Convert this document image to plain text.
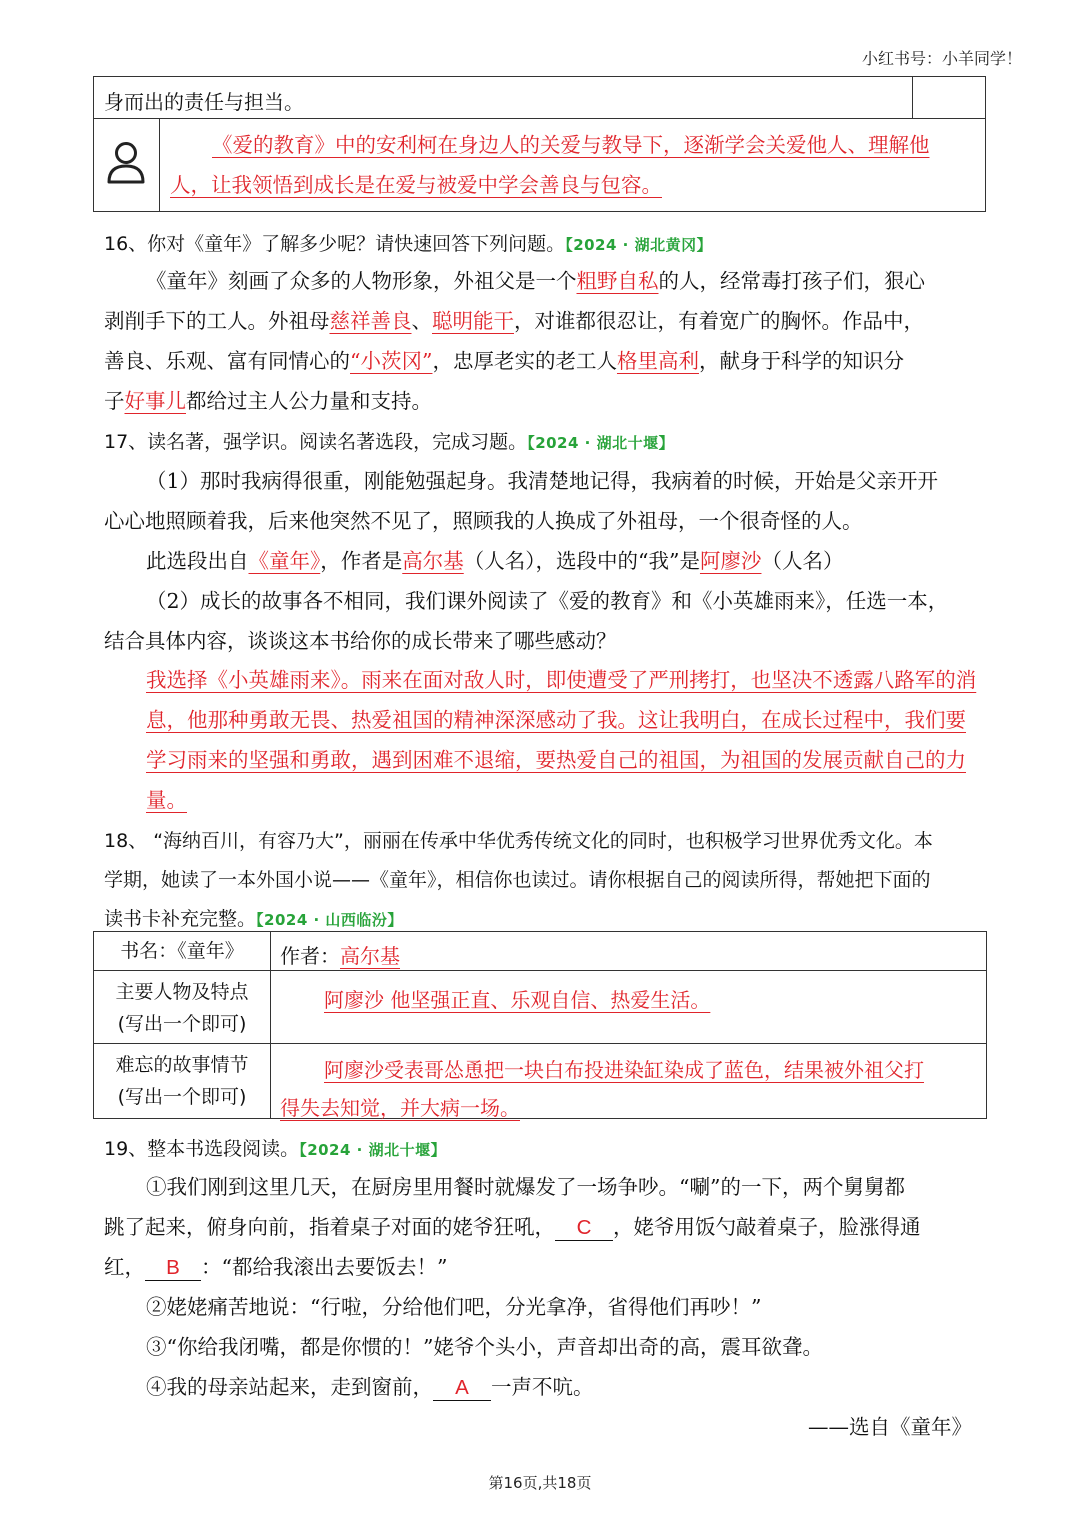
小红书号：小羊同学！
身而出的责任与担当。
《爱的教育》中的安利柯在身边人的关爱与教导下，逐渐学会关爱他人、理解他
人，让我领悟到成长是在爱与被爱中学会善良与包容。
16、你对《童年》了解多少呢？请快速回答下列问题。【2024 · 湖北黄冈】
《童年》刻画了众多的人物形象，外祖父是一个粗野自私的人，经常毒打孩子们，狠心
剥削手下的工人。外祖母慈祥善良、聪明能干，对谁都很忍让，有着宽广的胸怀。作品中，
善良、乐观、富有同情心的“小茨冈”，忠厚老实的老工人格里高利，献身于科学的知识分
子好事儿都给过主人公力量和支持。
17、读名著，强学识。阅读名著选段，完成习题。【2024 · 湖北十堰】
（1）那时我病得很重，刚能勉强起身。我清楚地记得，我病着的时候，开始是父亲开开
心心地照顾着我，后来他突然不见了，照顾我的人换成了外祖母，一个很奇怪的人。
此选段出自《童年》，作者是高尔基（人名），选段中的“我”是阿廖沙（人名）
（2）成长的故事各不相同，我们课外阅读了《爱的教育》和《小英雄雨来》，任选一本，
结合具体内容，谈谈这本书给你的成长带来了哪些感动？
我选择《小英雄雨来》。雨来在面对敌人时，即使遭受了严刑拷打，也坚决不透露八路军的消息，他那种勇敢无畏、热爱祖国的精神深深感动了我。这让我明白，在成长过程中，我们要学习雨来的坚强和勇敢，遇到困难不退缩，要热爱自己的祖国，为祖国的发展贡献自己的力量。
18、 “海纳百川，有容乃大”，丽丽在传承中华优秀传统文化的同时，也积极学习世界优秀文化。本
学期，她读了一本外国小说——《童年》，相信你也读过。请你根据自己的阅读所得，帮她把下面的
读书卡补充完整。【2024 · 山西临汾】
书名：《童年》	作者：高尔基
主要人物及特点
(写出一个即可)
阿廖沙 他坚强正直、乐观自信、热爱生活。
难忘的故事情节
(写出一个即可)
阿廖沙受表哥怂恿把一块白布投进染缸染成了蓝色，结果被外祖父打
得失去知觉，并大病一场。
19、整本书选段阅读。【2024 · 湖北十堰】
①我们刚到这里几天，在厨房里用餐时就爆发了一场争吵。“唰”的一下，两个舅舅都
跳了起来，俯身向前，指着桌子对面的姥爷狂吼， C ，姥爷用饭勺敲着桌子，脸涨得通
红， B ：“都给我滚出去要饭去！”
②姥姥痛苦地说：“行啦，分给他们吧，分光拿净，省得他们再吵！”
③“你给我闭嘴，都是你惯的！”姥爷个头小，声音却出奇的高，震耳欲聋。
④我的母亲站起来，走到窗前， A 一声不吭。
——选自《童年》
第16页,共18页
